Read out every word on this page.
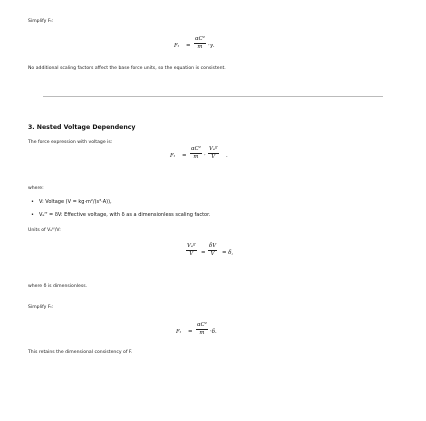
Simplify Fₜ:
$F_t = \frac{\text{αC²}}{m} \cdot\gamma$.
No additional scaling factors affect the base force units, so the equation is consistent.
3. Nested Voltage Dependency
The force expression with voltage is:
$F_t = \frac{\text{αC²}}{m}$ ·
Vₑᶠᶠ
V	.
where:
• V: Voltage (V = kg·m²/(s³·A)),
• Vₑᶠᶠ = δV: Effective voltage, with δ as a dimensionless scaling factor.
Units of Vₑᶠᶠ/V:
Vₑᶠᶠ
V	= $\frac{\delta V}{V} = \delta$,
where δ is dimensionless.
Simplify Fₜ:
$F_t = \frac{\text{αC²}}{m} \cdot\delta$.
This retains the dimensional consistency of F.
